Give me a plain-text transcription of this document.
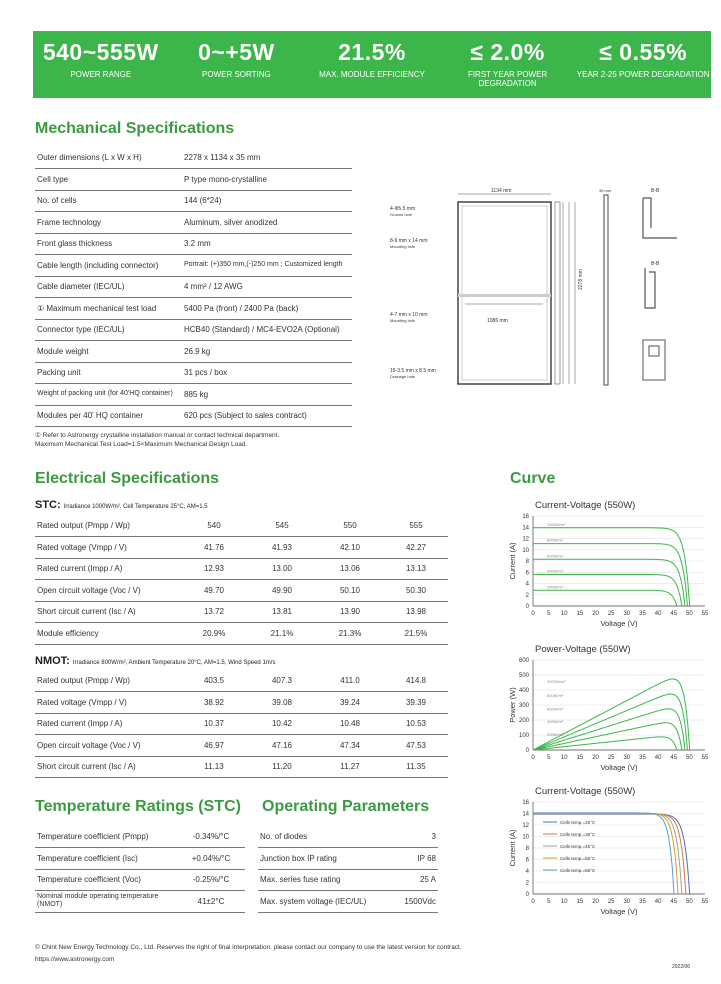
540~555W
POWER RANGE
0~+5W
POWER SORTING
21.5%
MAX. MODULE EFFICIENCY
≤ 2.0%
FIRST YEAR POWER DEGRADATION
≤ 0.55%
YEAR 2-25 POWER DEGRADATION
Mechanical Specifications
Outer dimensions (L x W x H)	2278 x 1134 x 35 mm
Cell type	P type mono-crystalline
No. of cells	144 (6*24)
Frame technology	Aluminum, silver anodized
Front glass thickness	3.2 mm
Cable length (including connector)	Portrait: (+)350 mm,(-)250 mm ; Customized length
Cable diameter (IEC/UL)	4 mm² / 12 AWG
① Maximum mechanical test load	5400 Pa (front) / 2400 Pa (back)
Connector type (IEC/UL)	HCB40 (Standard) / MC4-EVO2A (Optional)
Module weight	26.9 kg
Packing unit	31 pcs / box
Weight of packing unit (for 40'HQ container)	885 kg
Modules per 40' HQ container	620 pcs (Subject to sales contract)
① Refer to Astronergy crystalline installation manual or contact technical department.
Maximum Mechanical Test Load=1.5×Maximum Mechanical Design Load.
4-Φ5.5 mm
Ground hole
8-9 mm x 14 mm
Mounting hole
4-7 mm x 10 mm
Mounting hole
16-3.5 mm x 8.5 mm
Drainage hole
1134 mm
1086 mm
2278 mm
35 mm	B-B
B-B
Electrical Specifications
STC: Irradiance 1000W/m², Cell Temperature 25°C, AM=1.5
Rated output (Pmpp / Wp)	540	545	550	555
Rated voltage (Vmpp / V)	41.76	41.93	42.10	42.27
Rated current (Impp / A)	12.93	13.00	13.06	13.13
Open circuit voltage (Voc / V)	49.70	49.90	50.10	50.30
Short circuit current (Isc / A)	13.72	13.81	13.90	13.98
Module efficiency	20.9%	21.1%	21.3%	21.5%
NMOT: Irradiance 800W/m², Ambient Temperature 20°C, AM=1.5, Wind Speed 1m/s
Rated output (Pmpp / Wp)	403.5	407.3	411.0	414.8
Rated voltage (Vmpp / V)	38.92	39.08	39.24	39.39
Rated current (Impp / A)	10.37	10.42	10.48	10.53
Open circuit voltage (Voc / V)	46.97	47.16	47.34	47.53
Short circuit current (Isc / A)	11.13	11.20	11.27	11.35
Temperature Ratings (STC)
Temperature coefficient (Pmpp)	-0.34%/°C
Temperature coefficient (Isc)	+0.04%/°C
Temperature coefficient (Voc)	-0.25%/°C
Nominal module operating temperature (NMOT)	41±2°C
Operating Parameters
No. of diodes	3
Junction box IP rating	IP 68
Max. series fuse rating	25 A
Max. system voltage (IEC/UL)	1500Vdc
Curve
Current-Voltage (550W)
0
2
4
6
8
10
12
14
16
0 5 10 15 20 25 30 35 40 45 50 55
Voltage (V)
Current (A)
1000W/m²
800W/m²
600W/m²
400W/m²
200W/m²
Power-Voltage (550W)
0
100
200
300
400
500
600
0 5 10 15 20 25 30 35 40 45 50 55
Voltage (V)
Power (W)
1000W/m²
800W/m²
600W/m²
400W/m²
200W/m²
Current-Voltage (550W)
0
2
4
6
8
10
12
14
16
0 5 10 15 20 25 30 35 40 45 50 55
Voltage (V)
Current (A)
Cells temp.=25°C
Cells temp.=35°C
Cells temp.=45°C
Cells temp.=55°C
Cells temp.=65°C
© Chint New Energy Technology Co., Ltd. Reserves the right of final interpretation. please contact our company to use the latest version for contract.
https://www.astronergy.com
2022/06
